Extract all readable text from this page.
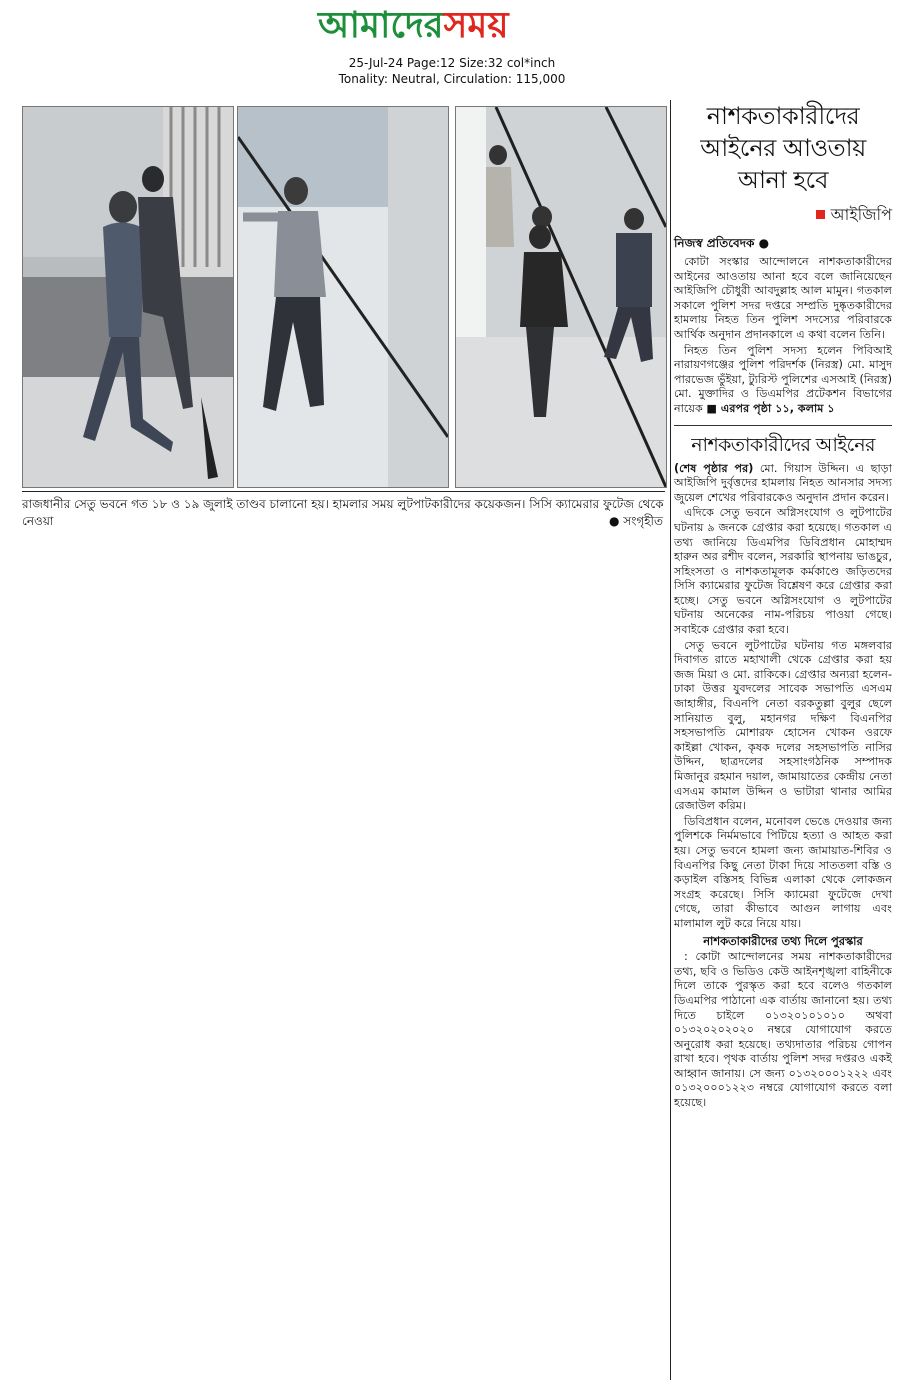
আমাদেরসময়
25-Jul-24 Page:12 Size:32 col*inch
Tonality: Neutral, Circulation: 115,000
রাজধানীর সেতু ভবনে গত ১৮ ও ১৯ জুলাই তাণ্ডব চালানো হয়। হামলার সময় লুটপাটকারীদের কয়েকজন। সিসি ক্যামেরার ফুটেজ থেকে নেওয়া	● সংগৃহীত
নাশকতাকারীদের আইনের আওতায় আনা হবে
আইজিপি
নিজস্ব প্রতিবেদক ●

কোটা সংস্কার আন্দোলনে নাশকতাকারীদের আইনের আওতায় আনা হবে বলে জানিয়েছেন আইজিপি চৌধুরী আবদুল্লাহ আল মামুন। গতকাল সকালে পুলিশ সদর দপ্তরে সম্প্রতি দুষ্কৃতকারীদের হামলায় নিহত তিন পুলিশ সদস্যের পরিবারকে আর্থিক অনুদান প্রদানকালে এ কথা বলেন তিনি।

নিহত তিন পুলিশ সদস্য হলেন পিবিআই নারায়ণগঞ্জের পুলিশ পরিদর্শক (নিরস্ত্র) মো. মাসুদ পারভেজ ভুঁইয়া, ট্যুরিস্ট পুলিশের এসআই (নিরস্ত্র) মো. মুক্তাদির ও ডিএমপির প্রটেকশন বিভাগের নায়েক ■ এরপর পৃষ্ঠা ১১, কলাম ১

নাশকতাকারীদের আইনের

(শেষ পৃষ্ঠার পর) মো. গিয়াস উদ্দিন। এ ছাড়া আইজিপি দুর্বৃত্তদের হামলায় নিহত আনসার সদস্য জুয়েল শেখের পরিবারকেও অনুদান প্রদান করেন।

এদিকে সেতু ভবনে অগ্নিসংযোগ ও লুটপাটের ঘটনায় ৯ জনকে গ্রেপ্তার করা হয়েছে। গতকাল এ তথ্য জানিয়ে ডিএমপির ডিবিপ্রধান মোহাম্মদ হারুন অর রশীদ বলেন, সরকারি স্থাপনায় ভাঙচুর, সহিংসতা ও নাশকতামূলক কর্মকাণ্ডে জড়িতদের সিসি ক্যামেরার ফুটেজ বিশ্লেষণ করে গ্রেপ্তার করা হচ্ছে। সেতু ভবনে অগ্নিসংযোগ ও লুটপাটের ঘটনায় অনেকের নাম-পরিচয় পাওয়া গেছে। সবাইকে গ্রেপ্তার করা হবে।

সেতু ভবনে লুটপাটের ঘটনায় গত মঙ্গলবার দিবাগত রাতে মহাখালী থেকে গ্রেপ্তার করা হয় জজ মিয়া ও মো. রাকিকে। গ্রেপ্তার অন্যরা হলেন- ঢাকা উত্তর যুবদলের সাবেক সভাপতি এসএম জাহাঙ্গীর, বিএনপি নেতা বরকতুল্লা বুলুর ছেলে সানিয়াত বুলু, মহানগর দক্ষিণ বিএনপির সহসভাপতি মোশারফ হোসেন খোকন ওরফে কাইল্লা খোকন, কৃষক দলের সহসভাপতি নাসির উদ্দিন, ছাত্রদলের সহসাংগঠনিক সম্পাদক মিজানুর রহমান দয়াল, জামায়াতের কেন্দ্রীয় নেতা এসএম কামাল উদ্দিন ও ভাটারা থানার আমির রেজাউল করিম।

ডিবিপ্রধান বলেন, মনোবল ভেঙে দেওয়ার জন্য পুলিশকে নির্মমভাবে পিটিয়ে হত্যা ও আহত করা হয়। সেতু ভবনে হামলা জন্য জামায়াত-শিবির ও বিএনপির কিছু নেতা টাকা দিয়ে সাততলা বস্তি ও কড়াইল বস্তিসহ বিভিন্ন এলাকা থেকে লোকজন সংগ্রহ করেছে। সিসি ক্যামেরা ফুটেজে দেখা গেছে, তারা কীভাবে আগুন লাগায় এবং মালামাল লুট করে নিয়ে যায়।

নাশকতাকারীদের তথ্য দিলে পুরস্কার

: কোটা আন্দোলনের সময় নাশকতাকারীদের তথ্য, ছবি ও ভিডিও কেউ আইনশৃঙ্খলা বাহিনীকে দিলে তাকে পুরস্কৃত করা হবে বলেও গতকাল ডিএমপির পাঠানো এক বার্তায় জানানো হয়। তথ্য দিতে চাইলে ০১৩২০১০১০১০ অথবা ০১৩২০২০২০২০ নম্বরে যোগাযোগ করতে অনুরোধ করা হয়েছে। তথ্যদাতার পরিচয় গোপন রাখা হবে। পৃথক বার্তায় পুলিশ সদর দপ্তরও একই আহ্বান জানায়। সে জন্য ০১৩২০০০১২২২ এবং ০১৩২০০০১২২৩ নম্বরে যোগাযোগ করতে বলা হয়েছে।
